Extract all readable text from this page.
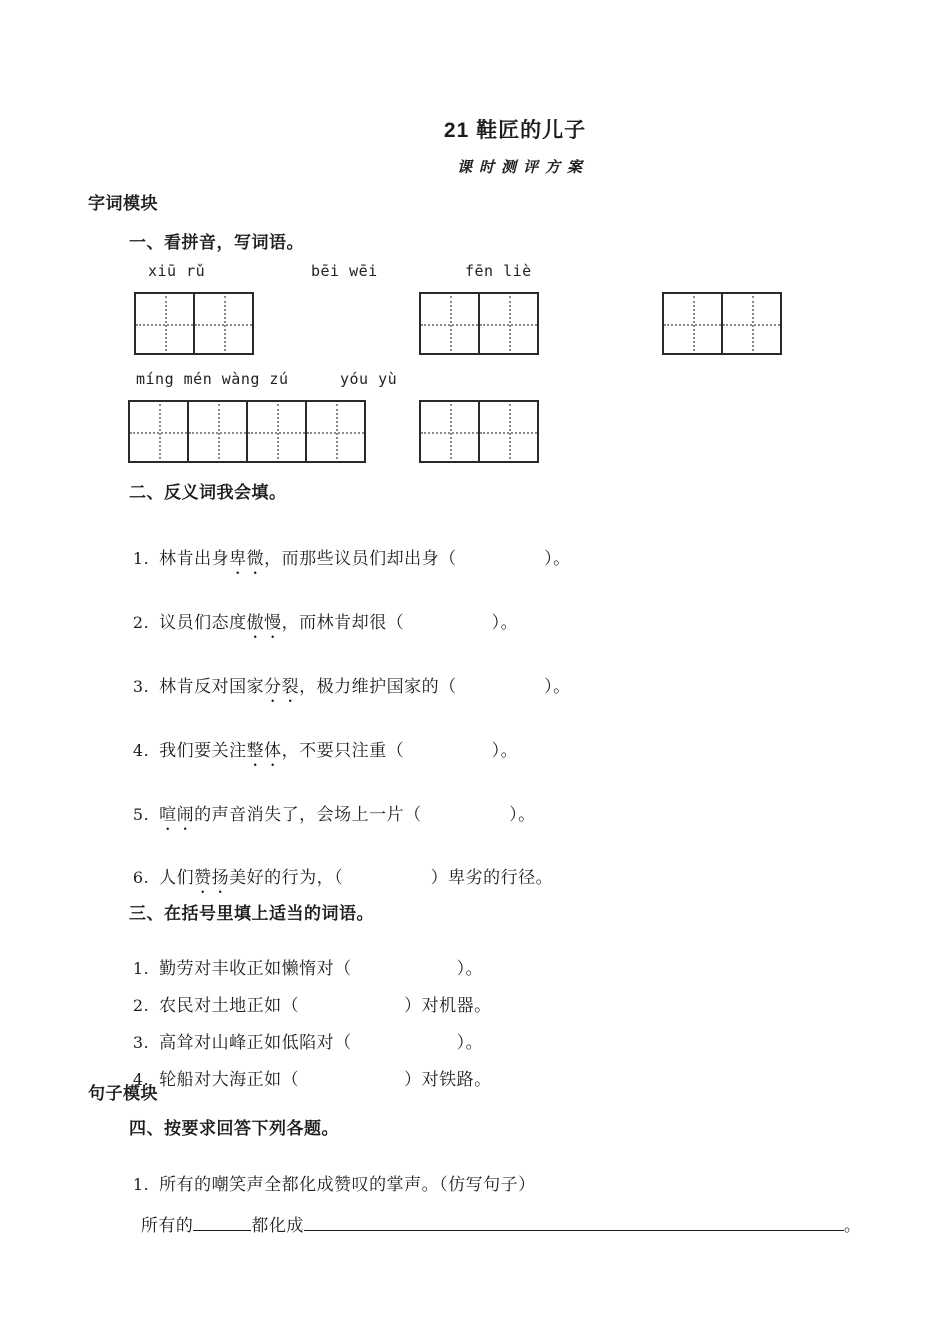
21 鞋匠的儿子
课时测评方案
字词模块
一、看拼音，写词语。
xiū rǔ	bēi wēi	fēn liè
míng mén wàng zú	yóu yù
二、反义词我会填。

1. 林肯出身卑微，而那些议员们却出身（　　　　　）。

2. 议员们态度傲慢，而林肯却很（　　　　　）。

3. 林肯反对国家分裂，极力维护国家的（　　　　　）。

4. 我们要关注整体，不要只注重（　　　　　）。

5. 喧闹的声音消失了，会场上一片（　　　　　）。

6. 人们赞扬美好的行为，（　　　　　）卑劣的行径。

三、在括号里填上适当的词语。

1. 勤劳对丰收正如懒惰对（　　　　　　）。

2. 农民对土地正如（　　　　　　）对机器。

3. 高耸对山峰正如低陷对（　　　　　　）。

4. 轮船对大海正如（　　　　　　）对铁路。

句子模块
四、按要求回答下列各题。

1. 所有的嘲笑声全都化成赞叹的掌声。（仿写句子）

所有的	都化成	。
